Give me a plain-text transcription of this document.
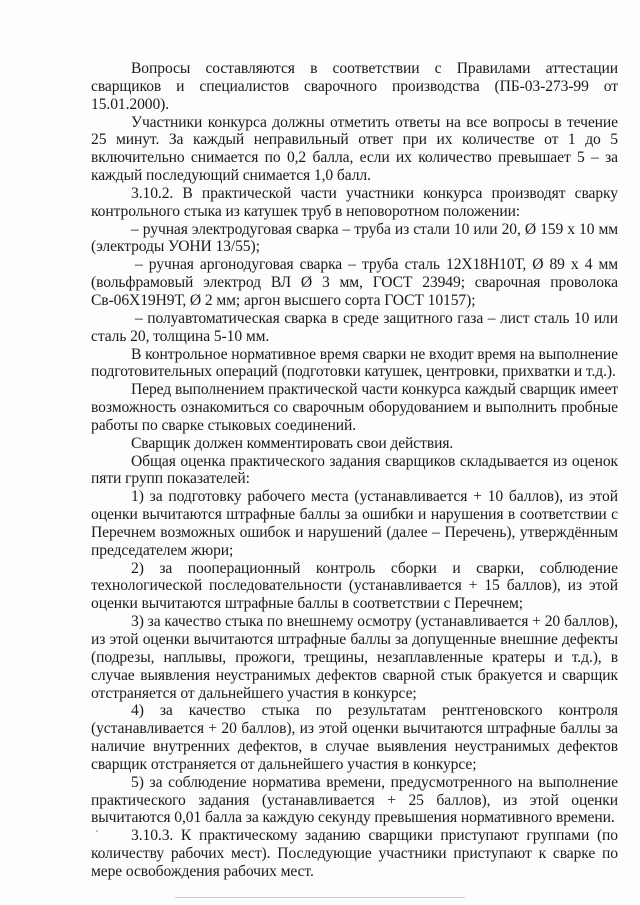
Вопросы составляются в соответствии с Правилами аттестации сварщиков и специалистов сварочного производства (ПБ-03-273-99 от 15.01.2000).

Участники конкурса должны отметить ответы на все вопросы в течение 25 минут. За каждый неправильный ответ при их количестве от 1 до 5 включительно снимается по 0,2 балла, если их количество превышает 5 – за каждый последующий снимается 1,0 балл.

3.10.2. В практической части участники конкурса производят сварку контрольного стыка из катушек труб в неповоротном положении:

– ручная электродуговая сварка – труба из стали 10 или 20, Ø 159 х 10 мм (электроды УОНИ 13/55);

– ручная аргонодуговая сварка – труба сталь 12Х18Н10Т, Ø 89 х 4 мм (вольфрамовый электрод ВЛ Ø 3 мм, ГОСТ 23949; сварочная проволока Св-06Х19Н9Т, Ø 2 мм; аргон высшего сорта ГОСТ 10157);

– полуавтоматическая сварка в среде защитного газа – лист сталь 10 или сталь 20, толщина 5-10 мм.

В контрольное нормативное время сварки не входит время на выполнение подготовительных операций (подготовки катушек, центровки, прихватки и т.д.).

Перед выполнением практической части конкурса каждый сварщик имеет возможность ознакомиться со сварочным оборудованием и выполнить пробные работы по сварке стыковых соединений.

Сварщик должен комментировать свои действия.

Общая оценка практического задания сварщиков складывается из оценок пяти групп показателей:

1) за подготовку рабочего места (устанавливается + 10 баллов), из этой оценки вычитаются штрафные баллы за ошибки и нарушения в соответствии с Перечнем возможных ошибок и нарушений (далее – Перечень), утверждённым председателем жюри;

2) за пооперационный контроль сборки и сварки, соблюдение технологической последовательности (устанавливается + 15 баллов), из этой оценки вычитаются штрафные баллы в соответствии с Перечнем;

3) за качество стыка по внешнему осмотру (устанавливается + 20 баллов), из этой оценки вычитаются штрафные баллы за допущенные внешние дефекты (подрезы, наплывы, прожоги, трещины, незаплавленные кратеры и т.д.), в случае выявления неустранимых дефектов сварной стык бракуется и сварщик отстраняется от дальнейшего участия в конкурсе;

4) за качество стыка по результатам рентгеновского контроля (устанавливается + 20 баллов), из этой оценки вычитаются штрафные баллы за наличие внутренних дефектов, в случае выявления неустранимых дефектов сварщик отстраняется от дальнейшего участия в конкурсе;

5) за соблюдение норматива времени, предусмотренного на выполнение практического задания (устанавливается + 25 баллов), из этой оценки вычитаются 0,01 балла за каждую секунду превышения нормативного времени.

3.10.3. К практическому заданию сварщики приступают группами (по количеству рабочих мест). Последующие участники приступают к сварке по мере освобождения рабочих мест.
